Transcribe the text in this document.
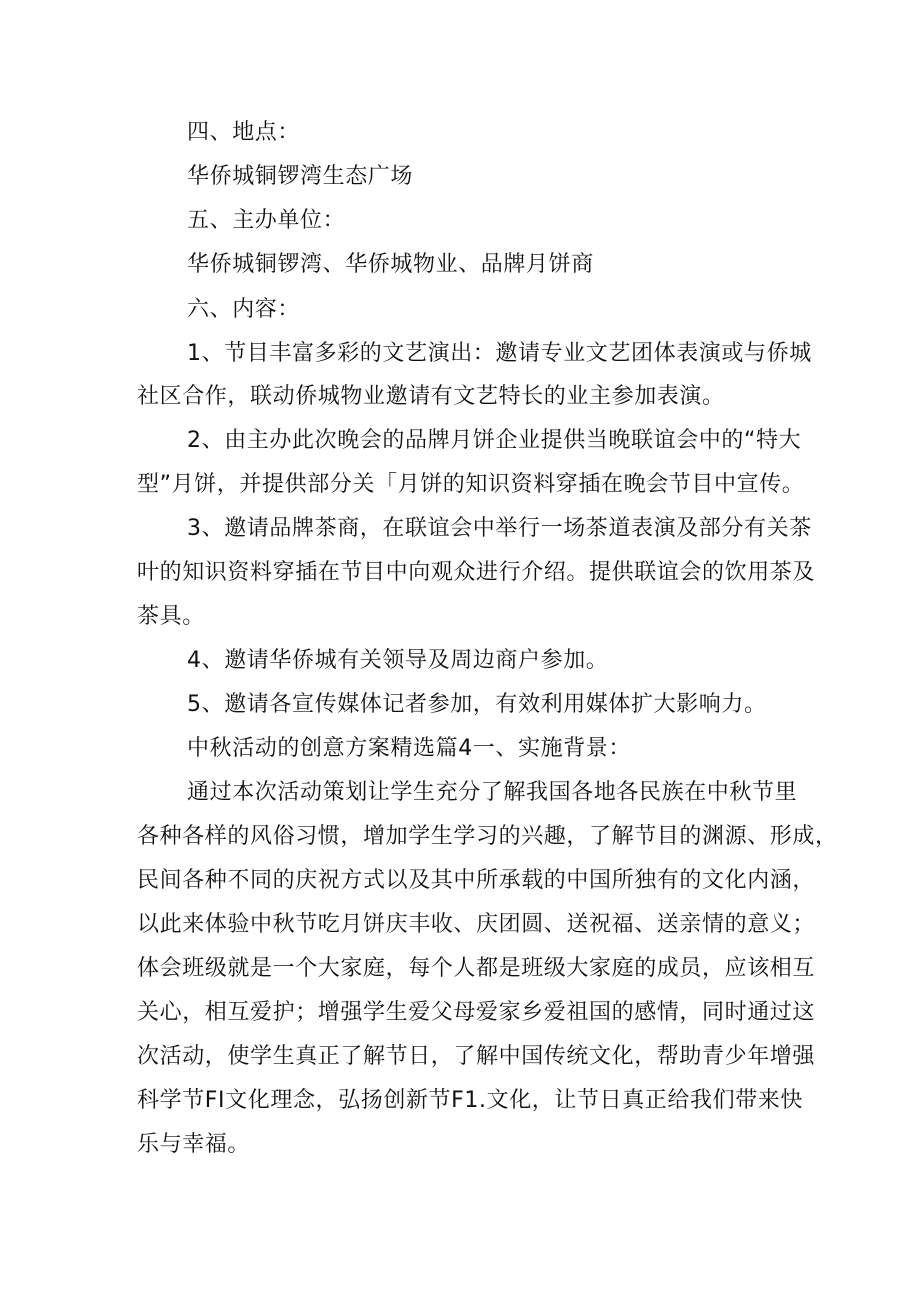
四、地点：
华侨城铜锣湾生态广场
五、主办单位：
华侨城铜锣湾、华侨城物业、品牌月饼商
六、内容：
1、节目丰富多彩的文艺演出：邀请专业文艺团体表演或与侨城
社区合作，联动侨城物业邀请有文艺特长的业主参加表演。
2、由主办此次晚会的品牌月饼企业提供当晚联谊会中的“特大
型”月饼，并提供部分关「月饼的知识资料穿插在晚会节目中宣传。
3、邀请品牌茶商，在联谊会中举行一场茶道表演及部分有关茶
叶的知识资料穿插在节目中向观众进行介绍。提供联谊会的饮用茶及
茶具。
4、邀请华侨城有关领导及周边商户参加。
5、邀请各宣传媒体记者参加，有效利用媒体扩大影响力。
中秋活动的创意方案精选篇4一、实施背景：
通过本次活动策划让学生充分了解我国各地各民族在中秋节里
各种各样的风俗习惯，增加学生学习的兴趣，了解节目的渊源、形成，
民间各种不同的庆祝方式以及其中所承载的中国所独有的文化内涵，
以此来体验中秋节吃月饼庆丰收、庆团圆、送祝福、送亲情的意义；
体会班级就是一个大家庭，每个人都是班级大家庭的成员，应该相互
关心，相互爱护；增强学生爱父母爱家乡爱祖国的感情，同时通过这
次活动，使学生真正了解节日，了解中国传统文化，帮助青少年增强
科学节FI文化理念，弘扬创新节F1.文化，让节日真正给我们带来快
乐与幸福。
